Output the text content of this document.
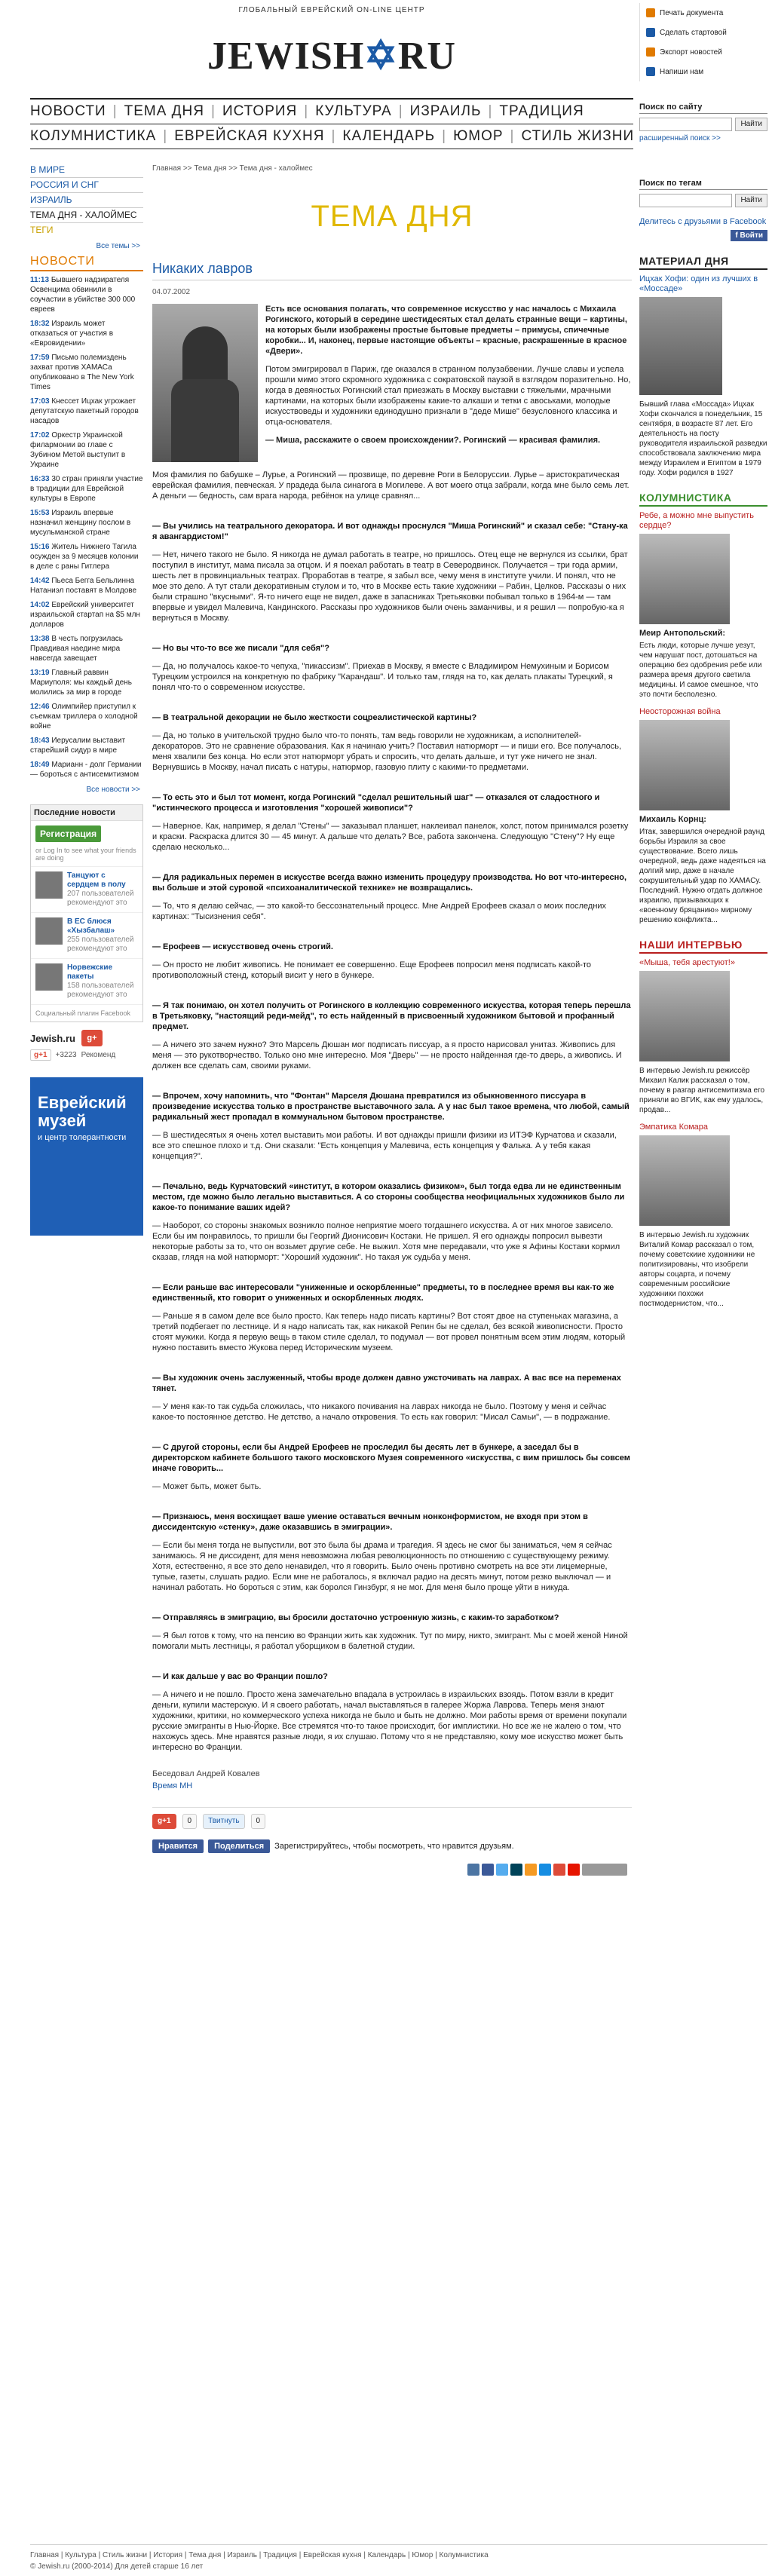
ГЛОБАЛЬНЫЙ ЕВРЕЙСКИЙ ON-LINE ЦЕНТР
JEWISH✡RU
Печать документа
Сделать стартовой
Экспорт новостей
Напиши нам
НОВОСТИ | ТЕМА ДНЯ | ИСТОРИЯ | КУЛЬТУРА | ИЗРАИЛЬ | ТРАДИЦИЯ
КОЛУМНИСТИКА | ЕВРЕЙСКАЯ КУХНЯ | КАЛЕНДАРЬ | ЮМОР | СТИЛЬ ЖИЗНИ
В МИРЕ
РОССИЯ И СНГ
ИЗРАИЛЬ
ТЕМА ДНЯ - ХАЛОЙМЕС
ТЕГИ
Все темы >>
НОВОСТИ
11:13 Бывшего надзирателя Освенцима обвинили в соучастии в убийстве 300 000 евреев
18:32 Израиль может отказаться от участия в «Евровидении»
17:59 Письмо полемиздень захват против ХАМАСа опубликовано в The New York Times
17:03 Кнессет Ицхак угрожает депутатскую пакетный городов насадов
17:02 Оркестр Украинской филармонии во главе с Зубином Метой выступит в Украине
16:33 30 стран приняли участие в традиции для Еврейской культуры в Европе
15:53 Израиль впервые назначил женщину послом в мусульманской стране
15:16 Житель Нижнего Тагила осужден за 9 месяцев колонии в деле с раны Гитлера
14:42 Пьеса Бегга Бельлинна Натаниэл поставят в Молдове
14:02 Еврейский университет израильской стартап на $5 млн долларов
13:38 В честь погрузилась Правдивая наедине мира навсегда завещает
13:19 Главный раввин Мариуполя: мы каждый день молились за мир в городе
12:46 Олимпийер приступил к съемкам триллера о холодной войне
18:43 Иерусалим выставит старейший сидур в мире
18:49 Марианн - долг Германии — бороться с антисемитизмом
Все новости >>
Последние новости
Регистрация
or Log In to see what your friends are doing
Танцуют с сердцем в полу
207 пользователей рекомендуют это
В ЕС блюся «Хызбалаш»
255 пользователей рекомендуют это
Норвежские пакеты
158 пользователей рекомендуют это
Социальный плагин Facebook
Jewish.ru	g+
g+1	+3223 Рекоменд
Еврейский музей
и центр толерантности
Главная >> Тема дня >> Тема дня - халоймес
ТЕМА ДНЯ
Никаких лавров
04.07.2002
Есть все основания полагать, что современное искусство у нас началось с Михаила Рогинского, который в середине шестидесятых стал делать странные вещи – картины, на которых были изображены простые бытовые предметы – примусы, спичечные коробки... И, наконец, первые настоящие объекты – красные, раскрашенные в красное «Двери».
Потом эмигрировал в Париж, где оказался в странном полузабвении. Лучше славы и успела прошли мимо этого скромного художника с сократовской паузой в взглядом поразительно. Но, когда в девяностых Рогинский стал приезжать в Москву выставки с тяжелыми, мрачными картинами, на которых были изображены какие-то алкаши и тетки с авоськами, молодые искусствоведы и художники единодушно признали в "деде Мише" безусловного классика и отца-основателя.
— Миша, расскажите о своем происхождении?. Рогинский — красивая фамилия.
Моя фамилия по бабушке – Лурье, а Рогинский — прозвище, по деревне Роги в Белоруссии. Лурье – аристократическая еврейская фамилия, певческая. У прадеда была синагога в Могилеве. А вот моего отца забрали, когда мне было семь лет. А деньги — бедность, сам врага народа, ребёнок на улице сравнял...
— Вы учились на театрального декоратора. И вот однажды проснулся "Миша Рогинский" и сказал себе: "Стану-ка я авангардистом!"
— Нет, ничего такого не было. Я никогда не думал работать в театре, но пришлось. Отец еще не вернулся из ссылки, брат поступил в институт, мама писала за отцом. И я поехал работать в театр в Северодвинск. Получается – три года армии, шесть лет в провинциальных театрах. Проработав в театре, я забыл все, чему меня в институте учили. И понял, что не мое это дело. А тут стали декоративным стулом и то, что в Москве есть такие художники – Рабин, Целков. Рассказы о них были страшно "вкусными". Я-то ничего еще не видел, даже в запасниках Третьяковки побывал только в 1964-м — там впервые и увидел Малевича, Кандинского. Рассказы про художников были очень заманчивы, и я решил — попробую-ка я вернуться в Москву.
— Но вы что-то все же писали "для себя"?
— Да, но получалось какое-то чепуха, "пикассизм". Приехав в Москву, я вместе с Владимиром Немухиным и Борисом Турецким устроился на конкретную по фабрику "Карандаш". И только там, глядя на то, как делать плакаты Турецкий, я понял что-то о современном искусстве.
— В театральной декорации не было жесткости соцреалистической картины?
— Да, но только в учительской трудно было что-то понять, там ведь говорили не художникам, а исполнителей-декораторов. Это не сравнение образования. Как я начинаю учить? Поставил натюрморт — и пиши его. Все получалось, меня хвалили без конца. Но если этот натюрморт убрать и спросить, что делать дальше, и тут уже ничего не знал. Вернувшись в Москву, начал писать с натуры, натюрмор, газовую плиту с какими-то предметами.
— То есть это и был тот момент, когда Рогинский "сделал решительный шаг" — отказался от сладостного и "истинческого процесса и изготовления "хорошей живописи"?
— Наверное. Как, например, я делал "Стены" — заказывал планшет, наклеивал панелок, холст, потом принимался розетку и краски. Раскраска длится 30 — 45 минут. А дальше что делать? Все, работа закончена. Следующую "Стену"? Ну еще сделаю несколько...
— Для радикальных перемен в искусстве всегда важно изменить процедуру производства. Но вот что-интересно, вы больше и этой суровой «психоаналитической технике» не возвращались.
— То, что я делаю сейчас, — это какой-то бессознательный процесс. Мне Андрей Ерофеев сказал о моих последних картинах: "Тысизнения себя".
— Ерофеев — искусствовед очень строгий.
— Он просто не любит живопись. Не понимает ее совершенно. Еще Ерофеев попросил меня подписать какой-то противоположный стенд, который висит у него в бункере.
— Я так понимаю, он хотел получить от Рогинского в коллекцию современного искусства, которая теперь перешла в Третьяковку, "настоящий реди-мейд", то есть найденный в присвоенный художником бытовой и профанный предмет.
— А ничего это зачем нужно? Это Марсель Дюшан мог подписать писсуар, а я просто нарисовал унитаз. Живопись для меня — это рукотворчество. Только оно мне интересно. Моя "Дверь" — не просто найденная где-то дверь, а живопись. И должен все сделать сам, своими руками.
— Впрочем, хочу напомнить, что "Фонтан" Марселя Дюшана превратился из обыкновенного писсуара в произведение искусства только в пространстве выставочного зала. А у нас был такое времена, что любой, самый радикальный жест пропадал в коммунальном бытовом пространстве.
— В шестидесятых я очень хотел выставить мои работы. И вот однажды пришли физики из ИТЭФ Курчатова и сказали, все это спешное плохо и т.д. Они сказали: "Есть концепция у Малевича, есть концепция у Фалька. А у тебя какая концепция?".
— Печально, ведь Курчатовский «институт, в котором оказались физиком», был тогда едва ли не единственным местом, где можно было легально выставиться. А со стороны сообщества неофициальных художников было ли какое-то понимание ваших идей?
— Наоборот, со стороны знакомых возникло полное неприятие моего тогдашнего искусства. А от них многое зависело. Если бы им понравилось, то пришли бы Георгий Дионисович Костаки. Не пришел. Я его однажды попросил вывезти некоторые работы за то, что он возьмет другие себе. Не выжил. Хотя мне передавали, что уже я Афины Костаки кормил сказав, глядя на мой натюрморт: "Хороший художник". Но такая уж судьба у меня.
— Если раньше вас интересовали "униженные и оскорбленные" предметы, то в последнее время вы как-то же единственный, кто говорит о униженных и оскорбленных людях.
— Раньше я в самом деле все было просто. Как теперь надо писать картины? Вот стоят двое на ступеньках магазина, а третий подбегает по лестнице. И я надо написать так, как никакой Репин бы не сделал, без всякой живописности. Просто стоят мужики. Когда я первую вещь в таком стиле сделал, то подумал — вот провел понятным всем этим людям, который нужно поставить вместо Жукова перед Историческим музеем.
— Вы художник очень заслуженный, чтобы вроде должен давно ужсточивать на лаврах. А вас все на переменах тянет.
— У меня как-то так судьба сложилась, что никакого почивания на лаврах никогда не было. Поэтому у меня и сейчас какое-то постоянное детство. Не детство, а начало откровения. То есть как говорил: "Мисал Самьи", — в подражание.
— С другой стороны, если бы Андрей Ерофеев не проследил бы десять лет в бункере, а заседал бы в директорском кабинете большого такого московского Музея современного «искусства, с вим пришлось бы совсем иначе говорить...
— Может быть, может быть.
— Признаюсь, меня восхищает ваше умение оставаться вечным нонконформистом, не входя при этом в диссидентскую «стенку», даже оказавшись в эмиграции».
— Если бы меня тогда не выпустили, вот это была бы драма и трагедия. Я здесь не смог бы заниматься, чем я сейчас занимаюсь. Я не диссидент, для меня невозможна любая революционность по отношению с существующему режиму. Хотя, естественно, я все это дело ненавидел, что я говорить. Было очень противно смотреть на все эти лицемерные, тупые, газеты, слушать радио. Если мне не работалось, я включал радио на десять минут, потом резко выключал — и начинал работать. Но бороться с этим, как боролся Гинзбург, я не мог. Для меня было проще уйти в никуда.
— Отправляясь в эмиграцию, вы бросили достаточно устроенную жизнь, с каким-то заработком?
— Я был готов к тому, что на пенсию во Франции жить как художник. Тут по миру, никто, эмигрант. Мы с моей женой Ниной помогали мыть лестницы, я работал уборщиком в балетной студии.
— И как дальше у вас во Франции пошло?
— А ничего и не пошло. Просто жена замечательно впадала в устроилась в израильских взоядь. Потом взяли в кредит деньги, купили мастерскую. И я своего работать, начал выставляться в галерее Жоржа Лаврова. Теперь меня знают художники, критики, но коммерческого успеха никогда не было и быть не должно. Мои работы время от времени покупали русские эмигранты в Нью-Йорке. Все стремятся что-то такое происходит, бог имплистики. Но все же не жалею о том, что нахожусь здесь. Мне нравятся разные люди, я их слушаю. Потому что я не представляю, кому мое искусство может быть интересно во Франции.
Беседовал Андрей Ковалев
Время МН
g+1	0	Твитнуть	0
Нравится	Поделиться	Зарегистрируйтесь, чтобы посмотреть, что нравится друзьям.
Поиск по сайту
Найти
расширенный поиск >>
Поиск по тегам
Найти
Делитесь с друзьями в Facebook
f Войти
МАТЕРИАЛ ДНЯ
Ицхак Хофи: один из лучших в «Моссаде»
Бывший глава «Моссада» Ицхак Хофи скончался в понедельник, 15 сентября, в возрасте 87 лет. Его деятельность на посту руководителя израильской разведки способствовала заключению мира между Израилем и Египтом в 1979 году. Хофи родился в 1927
КОЛУМНИСТИКА
Ребе, а можно мне выпустить сердце?
Меир Антопольский:
Есть люди, которые лучше уезут, чем нарушат пост, дотошаться на операцию без одобрения ребе или размера время другого светила медицины. И самое смешное, что это почти бесполезно.
Неосторожная война
Михаиль Корнц:
Итак, завершился очередной раунд борьбы Израиля за свое существование. Всего лишь очередной, ведь даже надеяться на долгий мир, даже в начале сокрушительный удар по ХАМАСу. Последний. Нужно отдать должное израилю, призывающих к «военному бряцанию» мирному решению конфликта...
НАШИ ИНТЕРВЬЮ
«Мыша, тебя арестуют!»
В интервью Jewish.ru режиссёр Михаил Калик рассказал о том, почему в разгар антисемитизма его приняли во ВГИК, как ему удалось, продав...
Эмпатика Комара
В интервью Jewish.ru художник Виталий Комар рассказал о том, почему советскиие художники не политизированы, что изобрели авторы соцарта, и почему современным российские художники похожи постмодернистом, что...
Главная | Культура | Стиль жизни | История | Тема дня | Израиль | Традиция | Еврейская кухня | Календарь | Юмор | Колумнистика
© Jewish.ru (2000-2014) Для детей старше 16 лет
